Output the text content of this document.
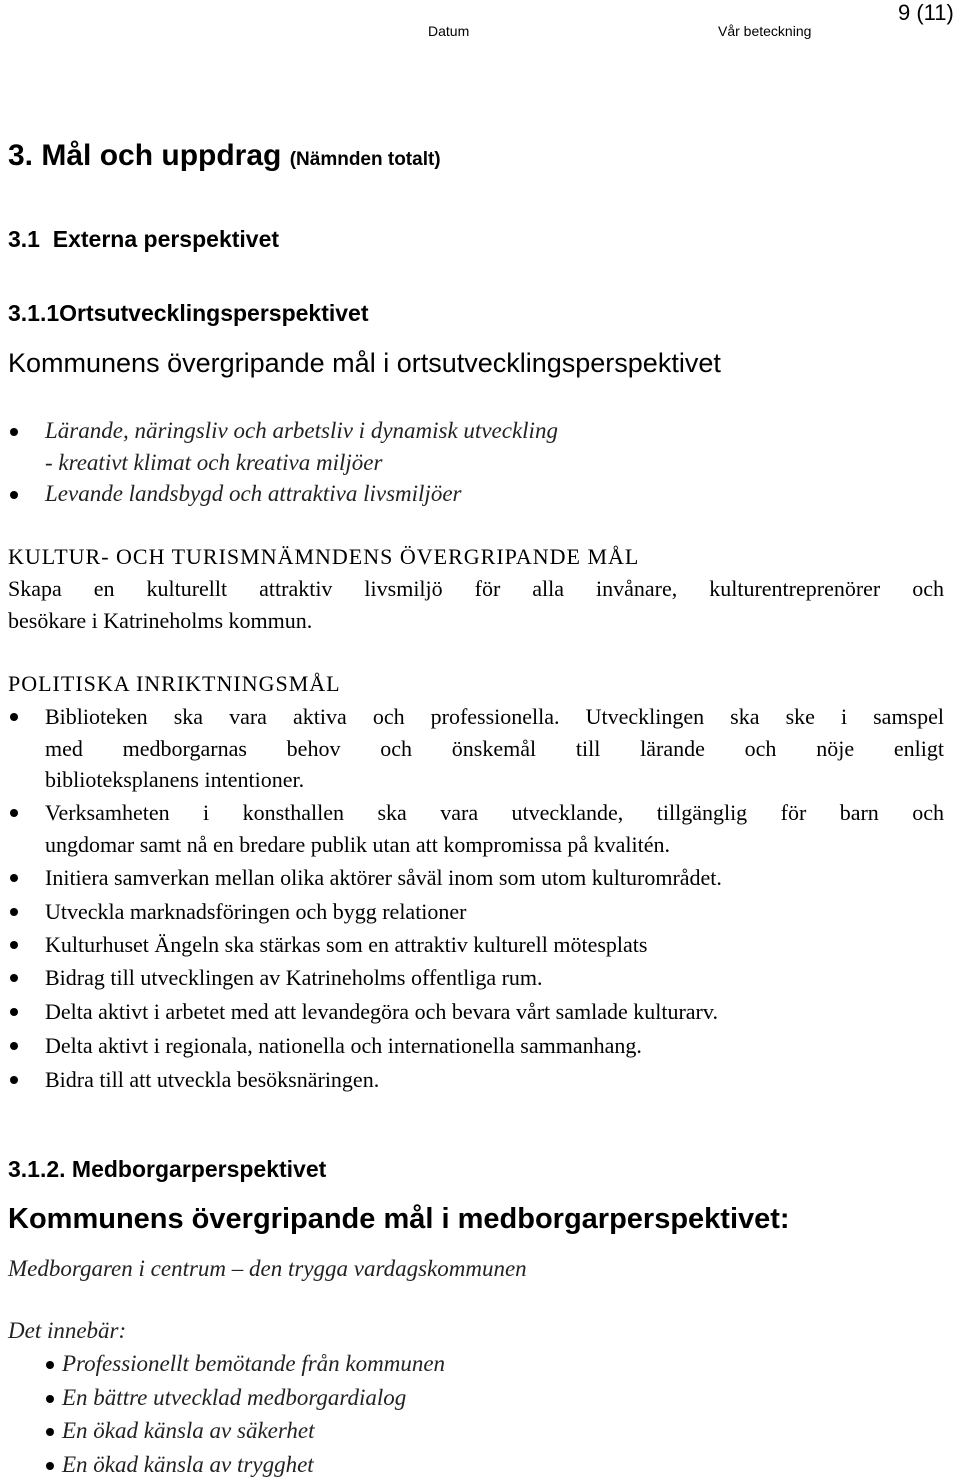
9 (11)
Datum	Vår beteckning
3. Mål och uppdrag (Nämnden totalt)
3.1  Externa perspektivet
3.1.1Ortsutvecklingsperspektivet
Kommunens övergripande mål i ortsutvecklingsperspektivet
Lärande, näringsliv och arbetsliv i dynamisk utveckling
- kreativt klimat och kreativa miljöer
Levande landsbygd och attraktiva livsmiljöer
KULTUR- OCH TURISMNÄMNDENS ÖVERGRIPANDE MÅL
Skapa en kulturellt attraktiv livsmiljö för alla invånare, kulturentreprenörer och
besökare i Katrineholms kommun.
POLITISKA INRIKTNINGSMÅL
Biblioteken ska vara aktiva och professionella. Utvecklingen ska ske i samspel
med medborgarnas behov och önskemål till lärande och nöje enligt
biblioteksplanens intentioner.
Verksamheten i konsthallen ska vara utvecklande, tillgänglig för barn och
ungdomar samt nå en bredare publik utan att kompromissa på kvalitén.
Initiera samverkan mellan olika aktörer såväl inom som utom kulturområdet.
Utveckla marknadsföringen och bygg relationer
Kulturhuset Ängeln ska stärkas som en attraktiv kulturell mötesplats
Bidrag till utvecklingen av Katrineholms offentliga rum.
Delta aktivt i arbetet med att levandegöra och bevara vårt samlade kulturarv.
Delta aktivt i regionala, nationella och internationella sammanhang.
Bidra till att utveckla besöksnäringen.
3.1.2. Medborgarperspektivet
Kommunens övergripande mål i medborgarperspektivet:
Medborgaren i centrum – den trygga vardagskommunen
Det innebär:
Professionellt bemötande från kommunen
En bättre utvecklad medborgardialog
En ökad känsla av säkerhet
En ökad känsla av trygghet
